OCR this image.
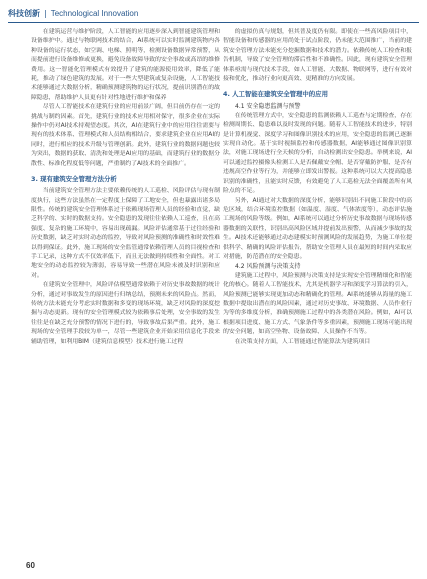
科技创新 | Technological Innovation

在建筑运营与维护阶段，人工智能的应用逐步深入到智能建筑管理和设备维护中。通过与物联网技术的结合，AI系统可以实时监测建筑物内各种设备的运行状态，如空调、电梯、照明等，检测设备数据异常预警，从而提前进行设备维修或更换，避免设备故障导致的安全事故或高昂的维修费用。这一智能化管理模式有效提升了建筑的能源使用效率，降低了能耗，推动了绿色建筑的发展。对于一些大型建筑或复杂设施，人工智能技术能够通过大数据分析，精确预测建筑物的运行状况，提前识别潜在的故障隐患，帮助维护人员更有针对性地进行维护和保养

尽管人工智能技术在建筑行业的应用前景广阔，但目前仍存在一定的挑战与制约因素。首先，建筑行业的技术应用相对保守，很多企业在实际操作中仍对AI技术持观望态度。其次，AI在建筑行业中的应用往往需要与现有的技术体系、管理模式和人员结构相结合，要求建筑企业在应用AI的同时，进行相应的技术升级与管理创新。此外，建筑行业的数据问题也较为突出，数据的获取、清洗和处理是AI应用的基础，而建筑行业的数据分散性、标准化程度低等问题，严重制约了AI技术的全面推广。

3. 现有建筑安全管理方法分析

当前建筑安全管理方法主要依赖传统的人工巡检、风险评估与现有制度执行，这些方法虽然在一定程度上保障了工地安全，但也暴露出诸多局限性。传统的建筑安全管理体系过于依赖现场管理人员的经验和直觉，缺乏科学的、实时的数据支持。安全隐患的发现往往依赖人工巡查，且在高强度、复杂的施工环境中，容易出现疏漏。风险评估通常基于过往经验和历史数据，缺乏对实时动态的监控，导致对风险预测的准确性和时效性难以得到保证。此外，施工现场的安全监管通常依赖管理人员的目视检查和手工记录，这种方式不仅效率低下，而且无法做到持续性和全面性。对工地安全的动态监控较为薄弱，容易导致一些潜在风险未被及时识别和应对。

在建筑安全管理中，风险评估模型通常依赖于对历史事故数据的统计分析，通过对事故发生的原因进行归纳总结，预测未来的风险点。然而，传统方法未能充分考虑实时数据和多变的现场环境，缺乏对风险的深度挖掘与动态更新。现有的安全管理模式较为依赖事后处理，安全事故的发生往往是在缺乏充分预警的情况下进行的，导致事故后果严重。此外，施工现场的安全管理手段较为单一，尽管一些建筑企业开始采用信息化手段来辅助管理，如利用BIM（建筑信息模型）技术进行施工过程

的虚拟仿真与规划，但其普及度仍有限。即使在一些高风险项目中，智能设备和传感器的应用尚处于试点阶段，仍未能大范围推广，当前的建筑安全管理方法未能充分挖掘数据和技术的潜力。依赖传统人工检查和报告机制，导致了安全管理的滞后性和不准确性。因此，现有建筑安全管理体系亟需与现代技术手段，如人工智能、大数据、物联网等，进行有效对接和优化，推动行业向更高效、更精准的方向发展。

4. 人工智能在建筑安全管理中的应用
4.1 安全隐患监测与预警

在传统管理方式中，安全隐患的监测依赖人工巡查与定期检查，存在检测周期长、隐患难以及时发现的问题。随着人工智能技术的进步，特别是计算机视觉、深度学习和图像识别技术的应用，安全隐患的监测已逐渐实现自动化。基于实时视频监控和传感器数据，AI能够通过图像识别算法，对施工现场进行全天候的分析，自动检测出安全隐患。举例来说，AI可以通过监控摄像头检测工人是否佩戴安全帽、是否穿戴防护服、是否有违规高空作业等行为，并能够立即发出警报。这种系统可以大大提高隐患识别的准确性，且能实时反馈，有效避免了人工巡检无法全面覆盖所有风险点的不足。

另外，AI通过对大数据的深度分析，能够识别出不同施工阶段中的高危区域，结合环境监控数据（如温度、湿度、气体浓度等），动态评估施工现场的风险等级。例如，AI系统可以通过分析历史事故数据与现场传感器数据的关联性，识别出高风险区域并提前发出预警，从而减少事故的发生。AI技术还能够通过动态建模实时预测风险的发展趋势，为施工单位提供科学、精确的风险评估报告，帮助安全管理人员在最短的时间内采取应对措施，防范潜在的安全隐患。

4.2 风险预测与决策支持

建筑施工过程中，风险预测与决策支持是实现安全管理精细化和智能化的核心。随着人工智能技术，尤其是机器学习和深度学习算法的引入，风险预测已能够实现更加动态和精确化的管理。AI系统能够从海量的施工数据中提取出潜在的风险因素，通过对历史事故、环境数据、人员作业行为等的多维度分析，准确预测施工过程中的各类潜在风险。例如，AI可以根据项目进度、施工方式、气象条件等多重因素，预测施工现场可能出现的安全问题，如高空坠物、设备故障、人员操作不当等。

在决策支持方面，人工智能通过智能算法为建筑项目

60
